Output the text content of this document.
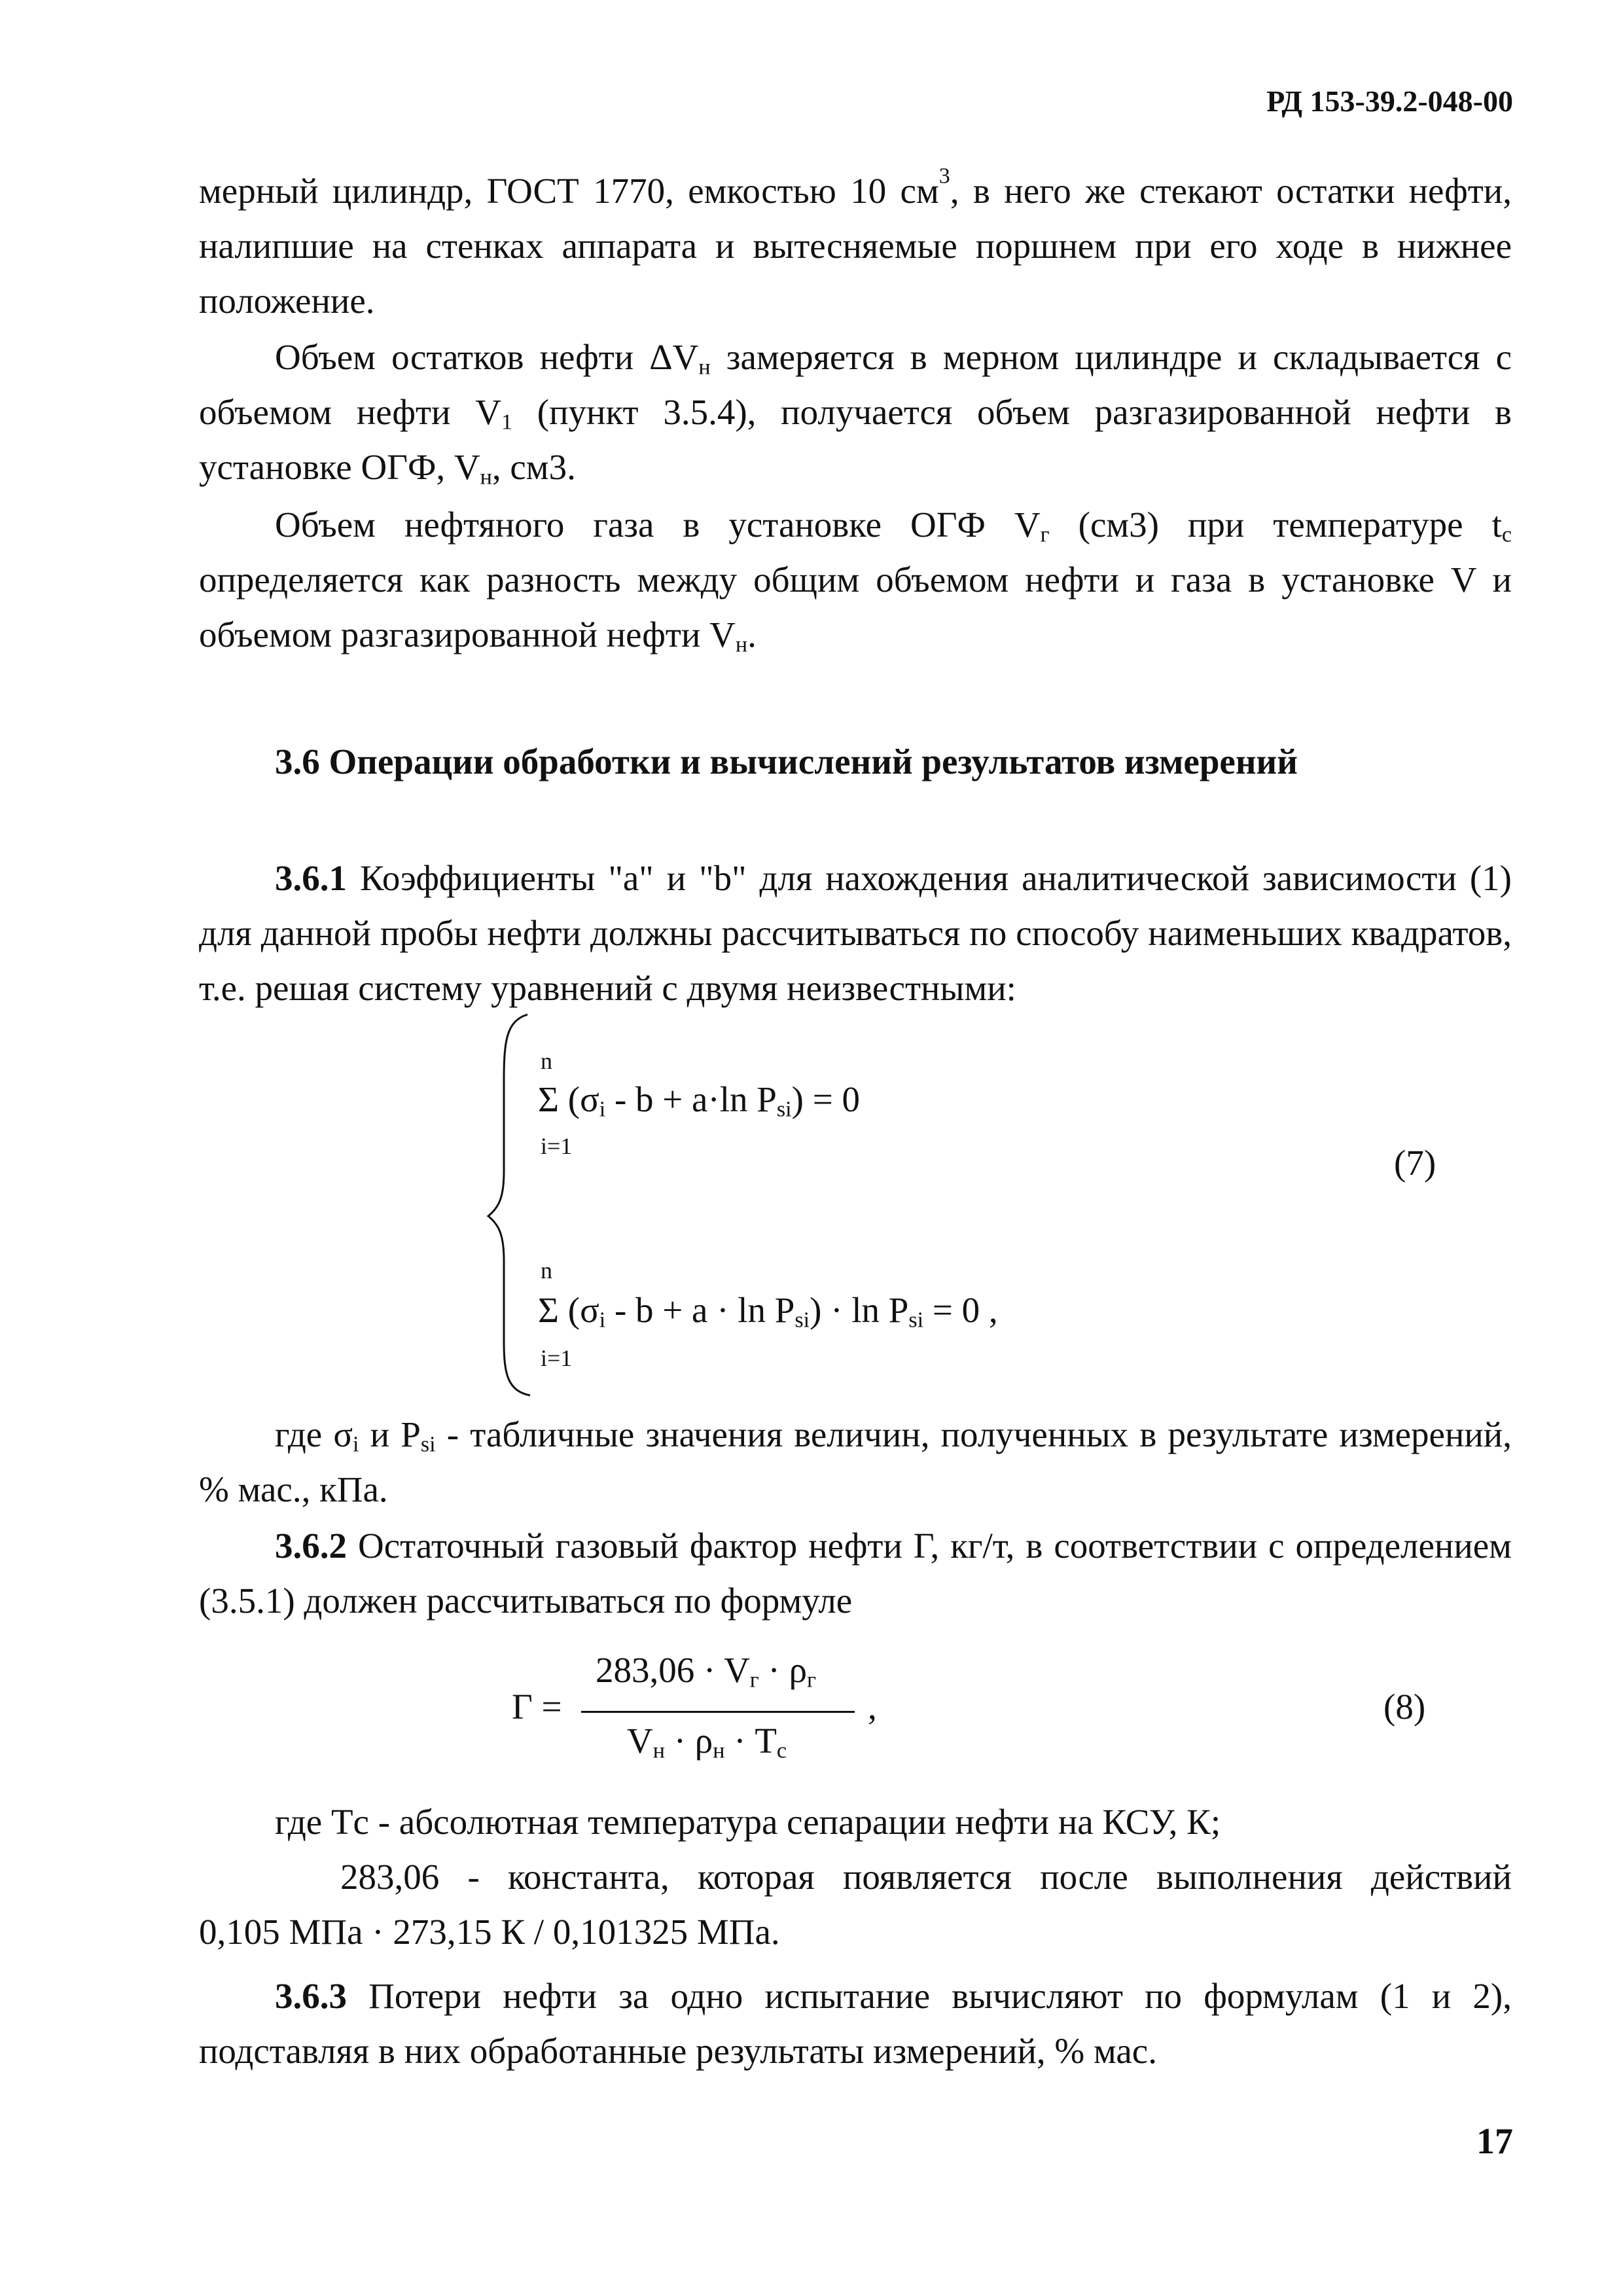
РД 153-39.2-048-00

мерный цилиндр, ГОСТ 1770, емкостью 10 $см^3$, в него же стекают остатки нефти, налипшие на стенках аппарата и вытесняемые поршнем при его ходе в нижнее положение.

Объем остатков нефти $\Delta V_н$ замеряется в мерном цилиндре и складывается с объемом нефти $V_1$ (пункт 3.5.4), получается объем разгазированной нефти в установке ОГФ, $V_н$, см3.

Объем нефтяного газа в установке ОГФ $V_г$ (см3) при температуре $t_с$ определяется как разность между общим объемом нефти и газа в установке V и объемом разгазированной нефти $V_н$.

3.6 Операции обработки и вычислений результатов измерений

3.6.1 Коэффициенты "a" и "b" для нахождения аналитической зависимости (1) для данной пробы нефти должны рассчитываться по способу наименьших квадратов, т.е. решая систему уравнений с двумя неизвестными:

n
Σ ($\sigma_i - b + a\cdot\ln$ $P_{si}) = 0$
i=1	(7)
n
Σ $(\sigma_i - b + a \cdot \ln P_{si}) \cdot \ln P_{si} = 0$ ,
i=1

где $\sigma_i$ и $P_{si}$ - табличные значения величин, полученных в результате измерений, % мас., кПа.

3.6.2 Остаточный газовый фактор нефти Г, кг/т, в соответствии с определением (3.5.1) должен рассчитываться по формуле

Г =
$283,06 \cdot V_г \cdot \rho_г$
$V_н \cdot \rho_н \cdot T_с$
,	(8)
где Tс - абсолютная температура сепарации нефти на КСУ, К;
283,06 - константа, которая появляется после выполнения действий
0,105 МПа · 273,15 К / 0,101325 МПа.

3.6.3 Потери нефти за одно испытание вычисляют по формулам (1 и 2), подставляя в них обработанные результаты измерений, % мас.

17
